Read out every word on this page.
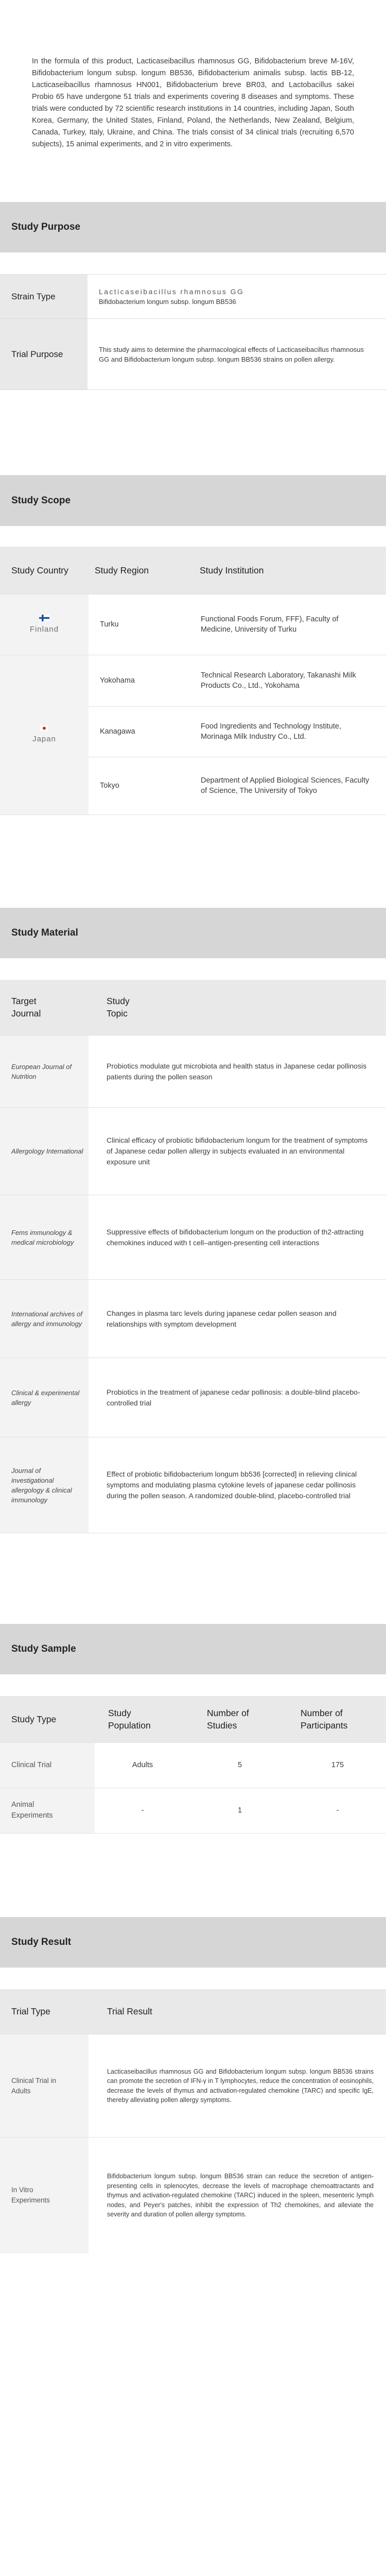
In the formula of this product, Lacticaseibacillus rhamnosus GG, Bifidobacterium breve M-16V, Bifidobacterium longum subsp. longum BB536, Bifidobacterium animalis subsp. lactis BB-12, Lacticaseibacillus rhamnosus HN001, Bifidobacterium breve BR03, and Lactobacillus sakei Probio 65 have undergone 51 trials and experiments covering 8 diseases and symptoms. These trials were conducted by 72 scientific research institutions in 14 countries, including Japan, South Korea, Germany, the United States, Finland, Poland, the Netherlands, New Zealand, Belgium, Canada, Turkey, Italy, Ukraine, and China. The trials consist of 34 clinical trials (recruiting 6,570 subjects), 15 animal experiments, and 2 in vitro experiments.
Study Purpose

Strain Type	Lacticaseibacillus rhamnosus GG
Bifidobacterium longum subsp. longum BB536

Trial Purpose	This study aims to determine the pharmacological effects of Lacticaseibacillus rhamnosus GG and Bifidobacterium longum subsp. longum BB536 strains on pollen allergy.

Study Scope

Study Country	Study Region	Study Institution

Finland	Turku	Functional Foods Forum, FFF), Faculty of Medicine, University of Turku

Japan	Yokohama	Technical Research Laboratory, Takanashi Milk Products Co., Ltd., Yokohama
	Kanagawa	Food Ingredients and Technology Institute, Morinaga Milk Industry Co., Ltd.
	Tokyo	Department of Applied Biological Sciences, Faculty of Science, The University of Tokyo

Study Material

Target Journal	Study Topic
European Journal of Nutrition	Probiotics modulate gut microbiota and health status in Japanese cedar pollinosis patients during the pollen season
Allergology International	Clinical efficacy of probiotic bifidobacterium longum for the treatment of symptoms of Japanese cedar pollen allergy in subjects evaluated in an environmental exposure unit
Fems immunology & medical microbiology	Suppressive effects of bifidobacterium longum on the production of th2-attracting chemokines induced with t cell–antigen-presenting cell interactions
International archives of allergy and immunology	Changes in plasma tarc levels during japanese cedar pollen season and relationships with symptom development
Clinical & experimental allergy	Probiotics in the treatment of japanese cedar pollinosis: a double-blind placebo-controlled trial
Journal of investigational allergology & clinical immunology	Effect of probiotic bifidobacterium longum bb536 [corrected] in relieving clinical symptoms and modulating plasma cytokine levels of japanese cedar pollinosis during the pollen season. A randomized double-blind, placebo-controlled trial

Study Sample

Study Type	Study Population	Number of Studies	Number of Participants
Clinical Trial	Adults	5	175
Animal Experiments	-	1	-

Study Result

Trial Type	Trial Result
Clinical Trial in Adults	Lacticaseibacillus rhamnosus GG and Bifidobacterium longum subsp. longum BB536 strains can promote the secretion of IFN-γ in T lymphocytes, reduce the concentration of eosinophils, decrease the levels of thymus and activation-regulated chemokine (TARC) and specific IgE, thereby alleviating pollen allergy symptoms.
In Vitro Experiments	Bifidobacterium longum subsp. longum BB536 strain can reduce the secretion of antigen-presenting cells in splenocytes, decrease the levels of macrophage chemoattractants and thymus and activation-regulated chemokine (TARC) induced in the spleen, mesenteric lymph nodes, and Peyer's patches, inhibit the expression of Th2 chemokines, and alleviate the severity and duration of pollen allergy symptoms.
